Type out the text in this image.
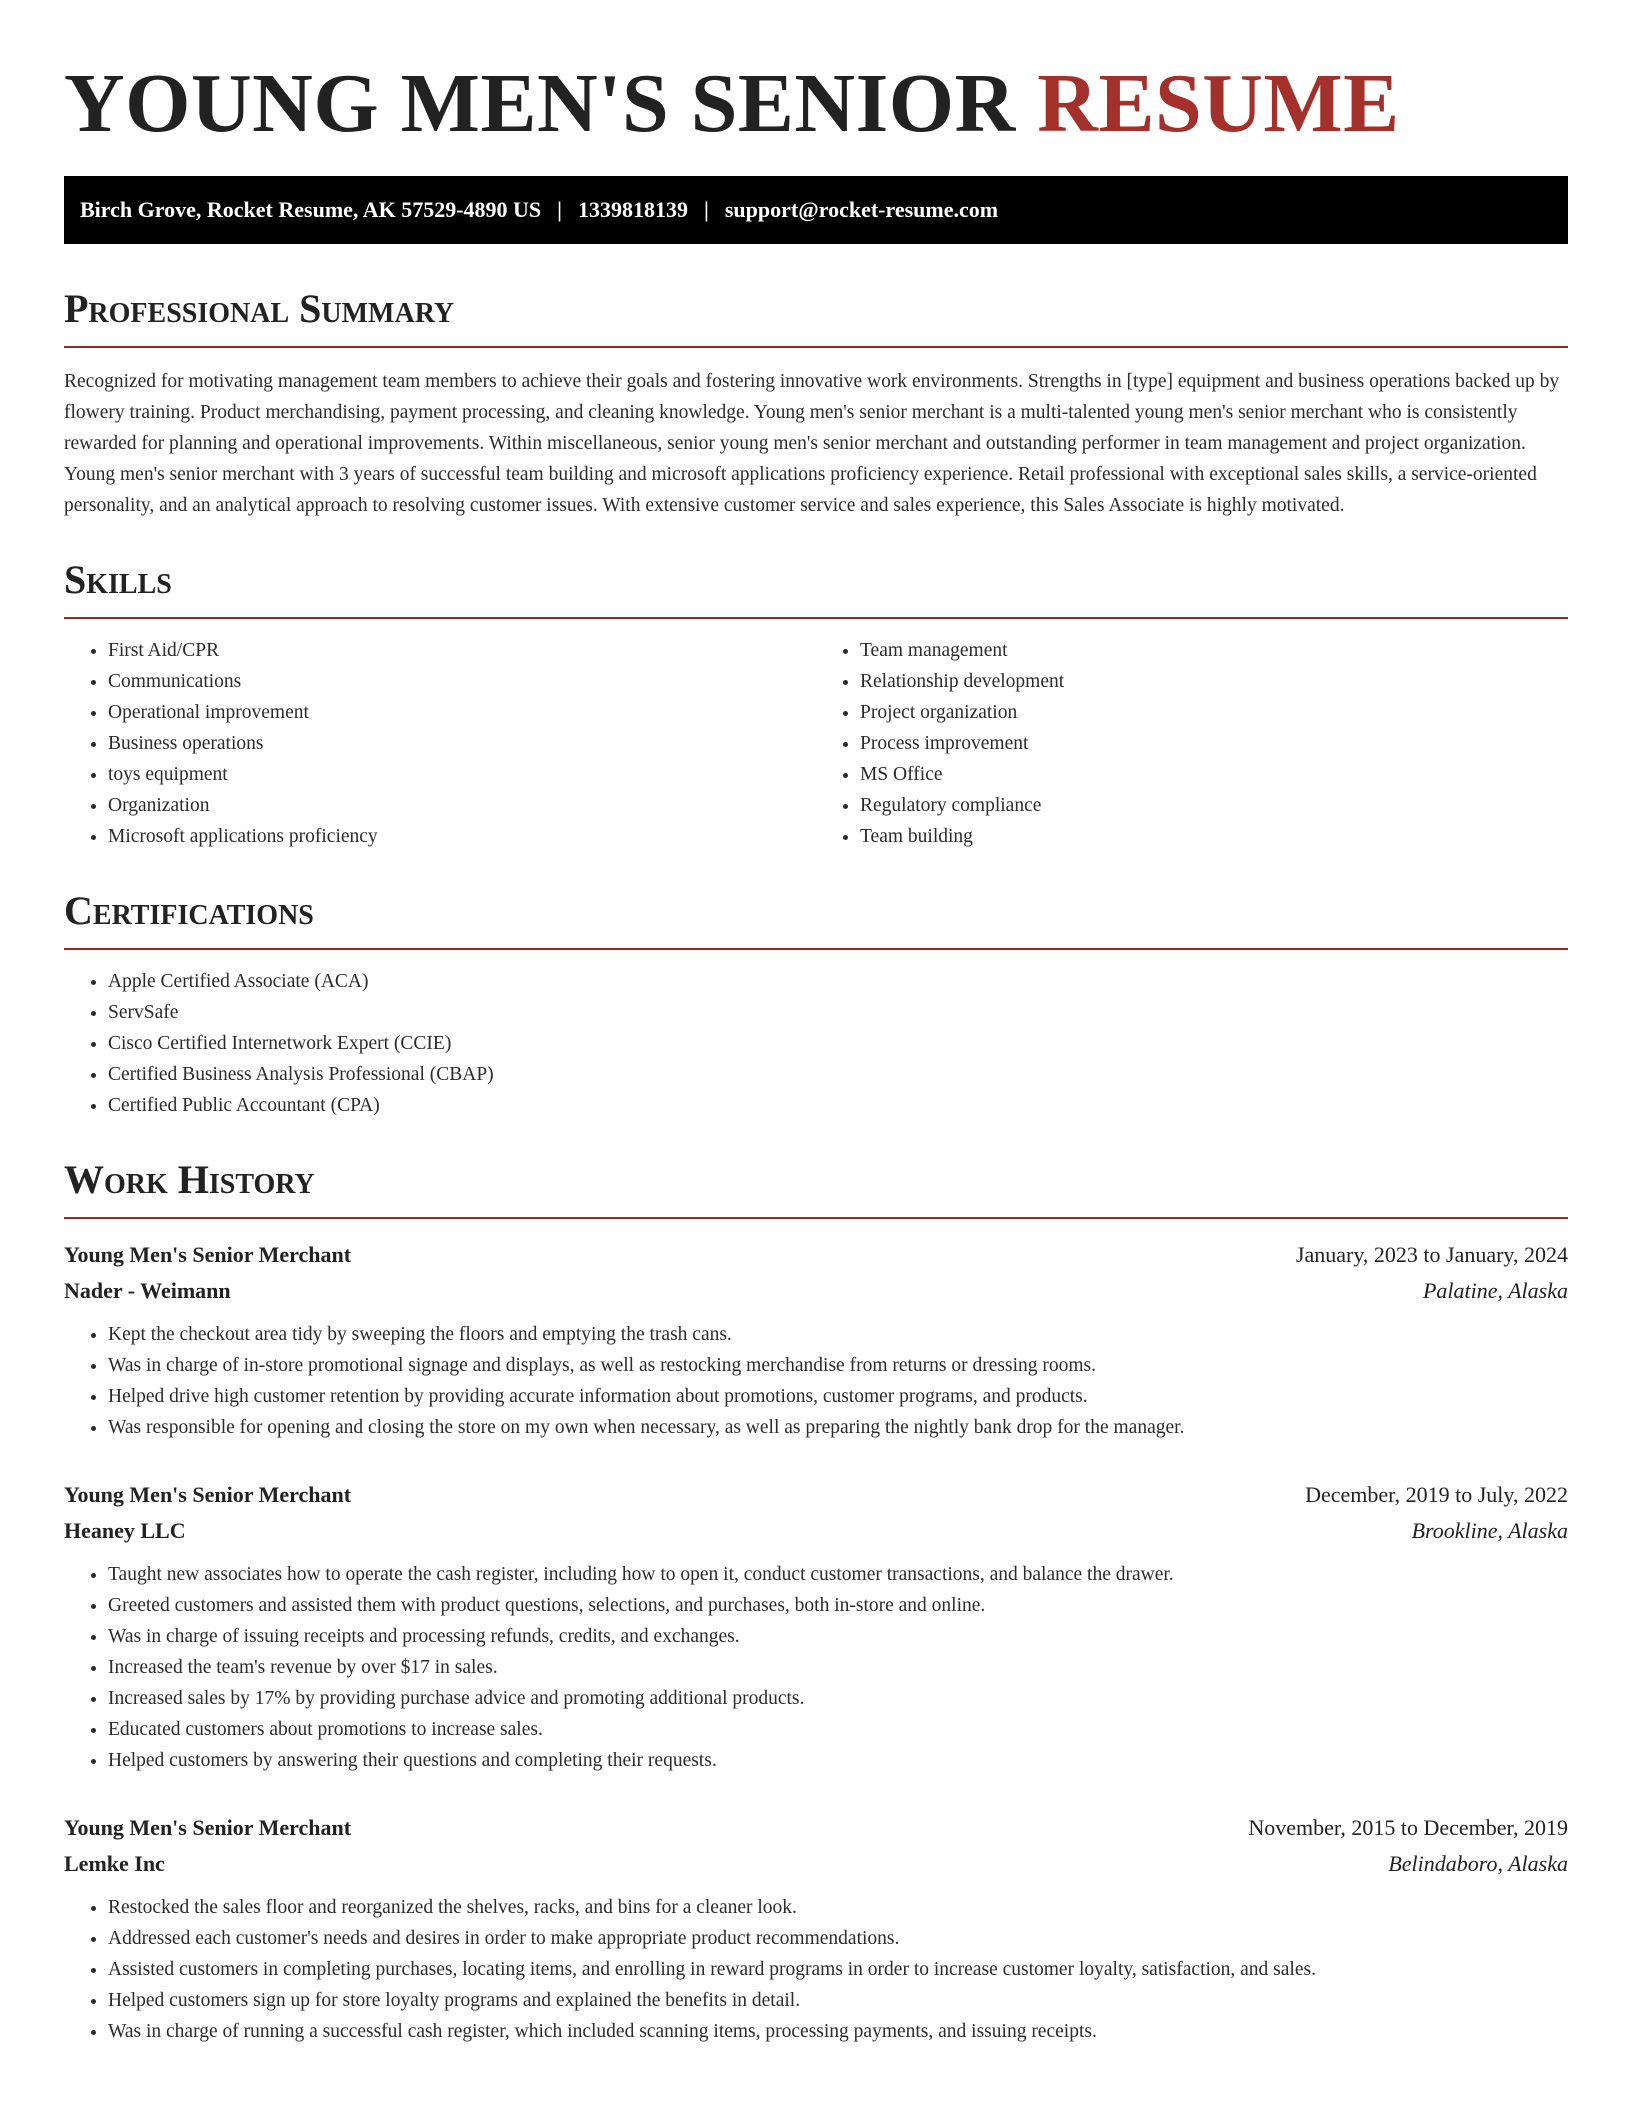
YOUNG MEN'S SENIOR RESUME
Birch Grove, Rocket Resume, AK 57529-4890 US | 1339818139 | support@rocket-resume.com
Professional Summary

Recognized for motivating management team members to achieve their goals and fostering innovative work environments. Strengths in [type] equipment and business operations backed up by flowery training. Product merchandising, payment processing, and cleaning knowledge. Young men's senior merchant is a multi-talented young men's senior merchant who is consistently rewarded for planning and operational improvements. Within miscellaneous, senior young men's senior merchant and outstanding performer in team management and project organization. Young men's senior merchant with 3 years of successful team building and microsoft applications proficiency experience. Retail professional with exceptional sales skills, a service-oriented personality, and an analytical approach to resolving customer issues. With extensive customer service and sales experience, this Sales Associate is highly motivated.

Skills
• First Aid/CPR
• Communications
• Operational improvement
• Business operations
• toys equipment
• Organization
• Microsoft applications proficiency
• Team management
• Relationship development
• Project organization
• Process improvement
• MS Office
• Regulatory compliance
• Team building
Certifications
• Apple Certified Associate (ACA)
• ServSafe
• Cisco Certified Internetwork Expert (CCIE)
• Certified Business Analysis Professional (CBAP)
• Certified Public Accountant (CPA)
Work History
Young Men's Senior Merchant	January, 2023 to January, 2024
Nader - Weimann	Palatine, Alaska
• Kept the checkout area tidy by sweeping the floors and emptying the trash cans.
• Was in charge of in-store promotional signage and displays, as well as restocking merchandise from returns or dressing rooms.
• Helped drive high customer retention by providing accurate information about promotions, customer programs, and products.
• Was responsible for opening and closing the store on my own when necessary, as well as preparing the nightly bank drop for the manager.
Young Men's Senior Merchant	December, 2019 to July, 2022
Heaney LLC	Brookline, Alaska
• Taught new associates how to operate the cash register, including how to open it, conduct customer transactions, and balance the drawer.
• Greeted customers and assisted them with product questions, selections, and purchases, both in-store and online.
• Was in charge of issuing receipts and processing refunds, credits, and exchanges.
• Increased the team's revenue by over $17 in sales.
• Increased sales by 17% by providing purchase advice and promoting additional products.
• Educated customers about promotions to increase sales.
• Helped customers by answering their questions and completing their requests.
Young Men's Senior Merchant	November, 2015 to December, 2019
Lemke Inc	Belindaboro, Alaska
• Restocked the sales floor and reorganized the shelves, racks, and bins for a cleaner look.
• Addressed each customer's needs and desires in order to make appropriate product recommendations.
• Assisted customers in completing purchases, locating items, and enrolling in reward programs in order to increase customer loyalty, satisfaction, and sales.
• Helped customers sign up for store loyalty programs and explained the benefits in detail.
• Was in charge of running a successful cash register, which included scanning items, processing payments, and issuing receipts.
